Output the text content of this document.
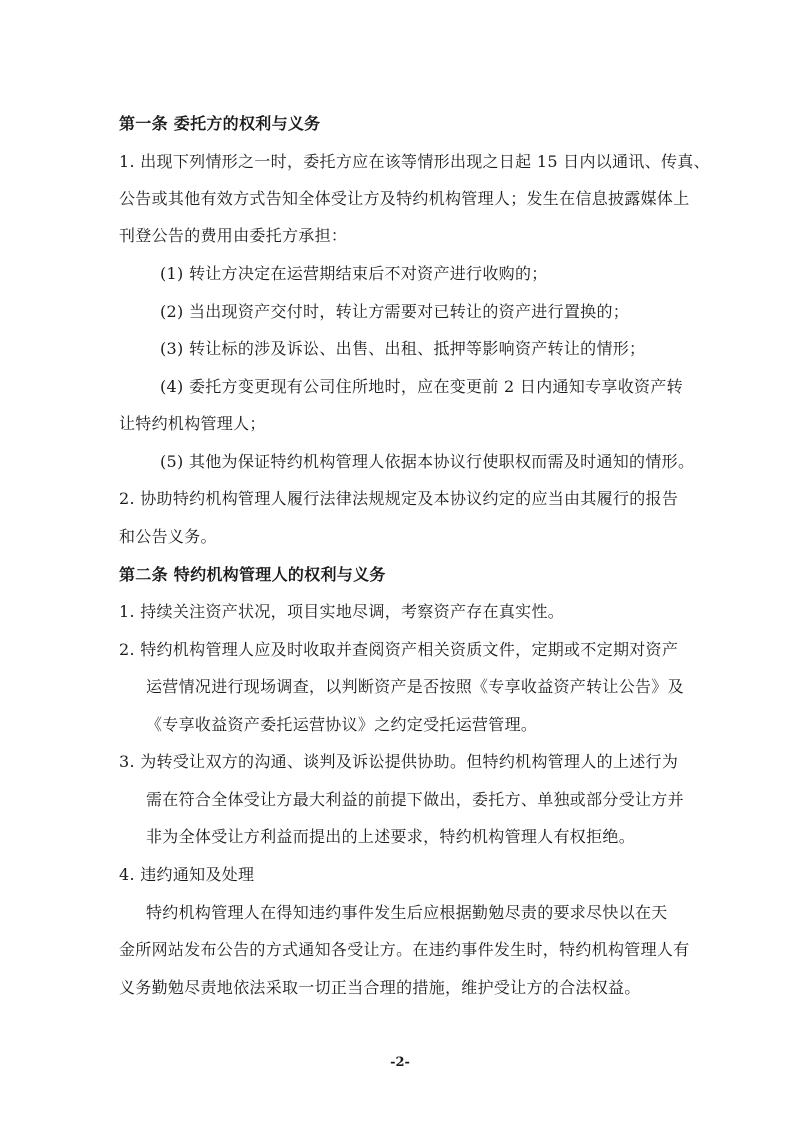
第一条 委托方的权利与义务
1. 出现下列情形之一时，委托方应在该等情形出现之日起 15 日内以通讯、传真、
公告或其他有效方式告知全体受让方及特约机构管理人；发生在信息披露媒体上
刊登公告的费用由委托方承担：
(1) 转让方决定在运营期结束后不对资产进行收购的；
(2) 当出现资产交付时，转让方需要对已转让的资产进行置换的；
(3) 转让标的涉及诉讼、出售、出租、抵押等影响资产转让的情形；
(4) 委托方变更现有公司住所地时，应在变更前 2 日内通知专享收资产转
让特约机构管理人；
(5) 其他为保证特约机构管理人依据本协议行使职权而需及时通知的情形。
2. 协助特约机构管理人履行法律法规规定及本协议约定的应当由其履行的报告
和公告义务。
第二条 特约机构管理人的权利与义务
1. 持续关注资产状况，项目实地尽调，考察资产存在真实性。
2. 特约机构管理人应及时收取并查阅资产相关资质文件，定期或不定期对资产
运营情况进行现场调查，以判断资产是否按照《专享收益资产转让公告》及
《专享收益资产委托运营协议》之约定受托运营管理。
3. 为转受让双方的沟通、谈判及诉讼提供协助。但特约机构管理人的上述行为
需在符合全体受让方最大利益的前提下做出，委托方、单独或部分受让方并
非为全体受让方利益而提出的上述要求，特约机构管理人有权拒绝。
4. 违约通知及处理
特约机构管理人在得知违约事件发生后应根据勤勉尽责的要求尽快以在天
金所网站发布公告的方式通知各受让方。在违约事件发生时，特约机构管理人有
义务勤勉尽责地依法采取一切正当合理的措施，维护受让方的合法权益。
-2-
